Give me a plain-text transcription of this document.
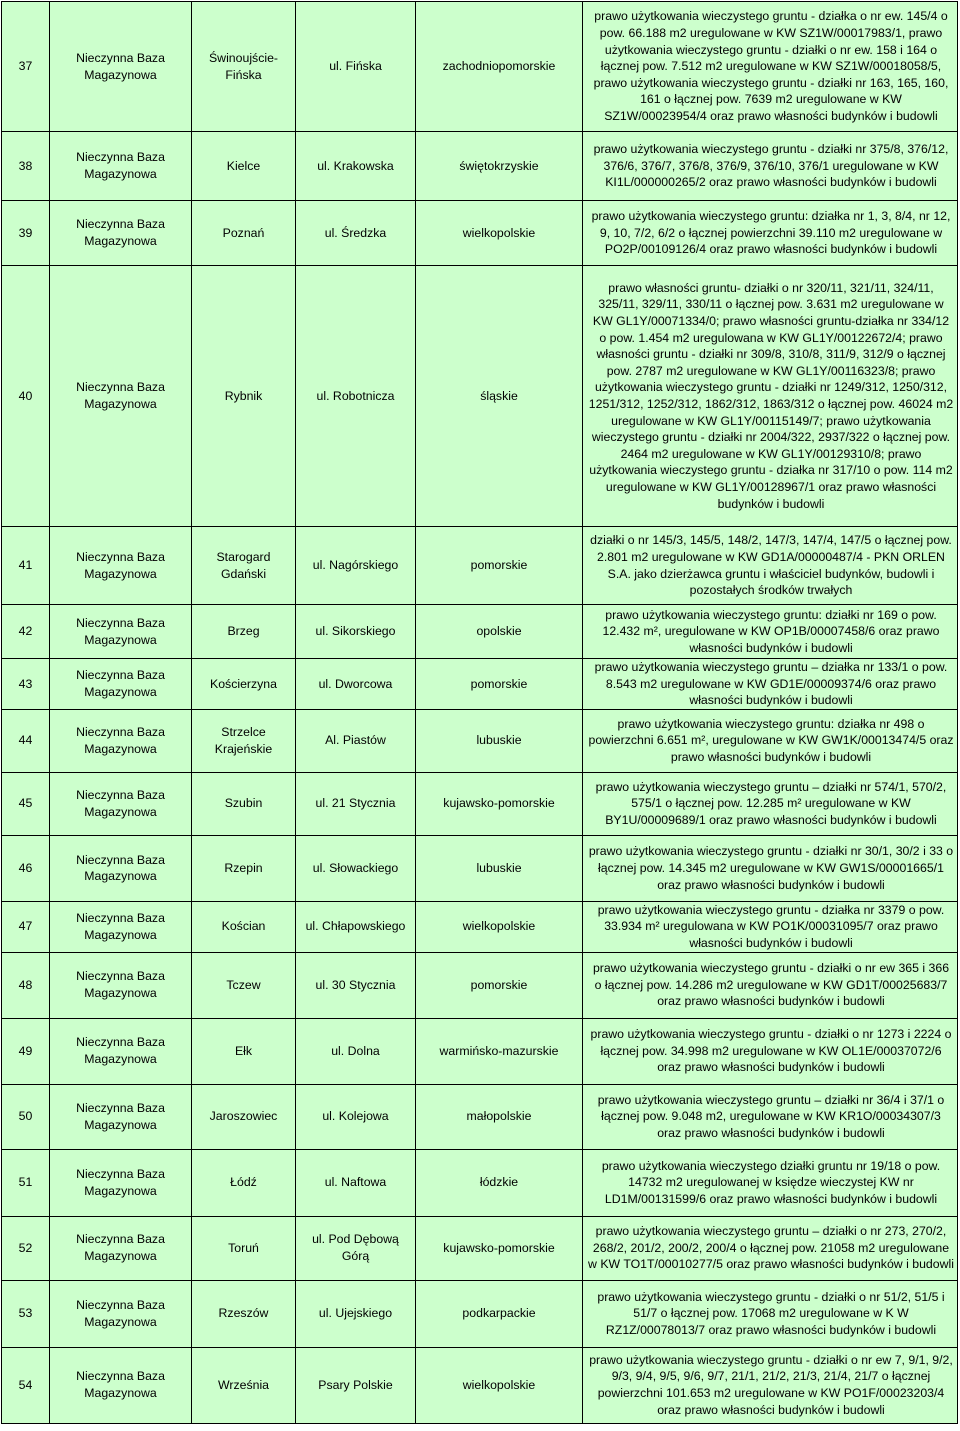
37	Nieczynna Baza
Magazynowa	Świnoujście-Fińska	ul. Fińska	zachodniopomorskie	prawo użytkowania wieczystego gruntu - działka o nr ew. 145/4 o pow. 66.188 m2 uregulowane w KW SZ1W/00017983/1, prawo użytkowania wieczystego gruntu - działki o nr ew. 158 i 164 o łącznej pow. 7.512 m2 uregulowane w KW SZ1W/00018058/5, prawo użytkowania wieczystego gruntu - działki nr 163, 165, 160, 161 o łącznej pow. 7639 m2 uregulowane w KW SZ1W/00023954/4 oraz prawo własności budynków i budowli
38	Nieczynna Baza
Magazynowa	Kielce	ul. Krakowska	świętokrzyskie	prawo użytkowania wieczystego gruntu - działki nr 375/8, 376/12, 376/6, 376/7, 376/8, 376/9, 376/10, 376/1 uregulowane w KW KI1L/000000265/2 oraz prawo własności budynków i budowli
39	Nieczynna Baza
Magazynowa	Poznań	ul. Średzka	wielkopolskie	prawo użytkowania wieczystego gruntu: działka nr 1, 3, 8/4, nr 12, 9, 10, 7/2, 6/2 o łącznej powierzchni 39.110 m2 uregulowane w PO2P/00109126/4 oraz prawo własności budynków i budowli
40	Nieczynna Baza
Magazynowa	Rybnik	ul. Robotnicza	śląskie	prawo własności gruntu- działki o nr 320/11, 321/11, 324/11, 325/11, 329/11, 330/11 o łącznej pow. 3.631 m2 uregulowane w KW GL1Y/00071334/0; prawo własności gruntu-działka nr 334/12 o pow. 1.454 m2 uregulowana w KW GL1Y/00122672/4; prawo własności gruntu - działki nr 309/8, 310/8, 311/9, 312/9 o łącznej pow. 2787 m2 uregulowane w KW GL1Y/00116323/8; prawo użytkowania wieczystego gruntu - działki nr 1249/312, 1250/312, 1251/312, 1252/312, 1862/312, 1863/312 o łącznej pow. 46024 m2 uregulowane w KW GL1Y/00115149/7; prawo użytkowania wieczystego gruntu - działki nr 2004/322, 2937/322 o łącznej pow. 2464 m2 uregulowane w KW GL1Y/00129310/8; prawo użytkowania wieczystego gruntu - działka nr 317/10 o pow. 114 m2 uregulowane w KW GL1Y/00128967/1 oraz prawo własności budynków i budowli
41	Nieczynna Baza
Magazynowa	Starogard Gdański	ul. Nagórskiego	pomorskie	działki o nr 145/3, 145/5, 148/2, 147/3, 147/4, 147/5 o łącznej pow. 2.801 m2 uregulowane w KW GD1A/00000487/4 - PKN ORLEN S.A. jako dzierżawca gruntu i właściciel budynków, budowli i pozostałych środków trwałych
42	Nieczynna Baza
Magazynowa	Brzeg	ul. Sikorskiego	opolskie	prawo użytkowania wieczystego gruntu: działki nr 169 o pow. 12.432 m², uregulowane w KW OP1B/00007458/6 oraz prawo własności budynków i budowli
43	Nieczynna Baza
Magazynowa	Kościerzyna	ul. Dworcowa	pomorskie	prawo użytkowania wieczystego gruntu – działka nr 133/1 o pow. 8.543 m2 uregulowane w KW GD1E/00009374/6 oraz prawo własności budynków i budowli
44	Nieczynna Baza
Magazynowa	Strzelce Krajeńskie	Al. Piastów	lubuskie	prawo użytkowania wieczystego gruntu: działka nr 498 o powierzchni 6.651 m², uregulowane w KW GW1K/00013474/5 oraz prawo własności budynków i budowli
45	Nieczynna Baza
Magazynowa	Szubin	ul. 21 Stycznia	kujawsko-pomorskie	prawo użytkowania wieczystego gruntu – działki nr 574/1, 570/2, 575/1 o łącznej pow. 12.285 m² uregulowane w KW BY1U/00009689/1 oraz prawo własności budynków i budowli
46	Nieczynna Baza
Magazynowa	Rzepin	ul. Słowackiego	lubuskie	prawo użytkowania wieczystego gruntu - działki nr 30/1, 30/2 i 33 o łącznej pow. 14.345 m2 uregulowane w KW GW1S/00001665/1 oraz prawo własności budynków i budowli
47	Nieczynna Baza
Magazynowa	Kościan	ul. Chłapowskiego	wielkopolskie	prawo użytkowania wieczystego gruntu - działka nr 3379 o pow. 33.934 m² uregulowana w KW PO1K/00031095/7 oraz prawo własności budynków i budowli
48	Nieczynna Baza
Magazynowa	Tczew	ul. 30 Stycznia	pomorskie	prawo użytkowania wieczystego gruntu - działki o nr ew 365 i 366 o łącznej pow. 14.286 m2 uregulowane w KW GD1T/00025683/7 oraz prawo własności budynków i budowli
49	Nieczynna Baza
Magazynowa	Ełk	ul. Dolna	warmińsko-mazurskie	prawo użytkowania wieczystego gruntu - działki o nr 1273 i 2224 o łącznej pow. 34.998 m2 uregulowane w KW OL1E/00037072/6 oraz prawo własności budynków i budowli
50	Nieczynna Baza
Magazynowa	Jaroszowiec	ul. Kolejowa	małopolskie	prawo użytkowania wieczystego gruntu – działki nr 36/4 i 37/1 o łącznej pow. 9.048 m2, uregulowane w KW KR1O/00034307/3 oraz prawo własności budynków i budowli
51	Nieczynna Baza
Magazynowa	Łódź	ul. Naftowa	łódzkie	prawo użytkowania wieczystego działki gruntu nr 19/18 o pow. 14732 m2 uregulowanej w księdze wieczystej KW nr LD1M/00131599/6 oraz prawo własności budynków i budowli
52	Nieczynna Baza
Magazynowa	Toruń	ul. Pod Dębową Górą	kujawsko-pomorskie	prawo użytkowania wieczystego gruntu – działki o nr 273, 270/2, 268/2, 201/2, 200/2, 200/4 o łącznej pow. 21058 m2 uregulowane w KW TO1T/00010277/5 oraz prawo własności budynków i budowli
53	Nieczynna Baza
Magazynowa	Rzeszów	ul. Ujejskiego	podkarpackie	prawo użytkowania wieczystego gruntu - działki o nr 51/2, 51/5 i 51/7 o łącznej pow. 17068 m2 uregulowane w K W RZ1Z/00078013/7 oraz prawo własności budynków i budowli
54	Nieczynna Baza
Magazynowa	Września	Psary Polskie	wielkopolskie	prawo użytkowania wieczystego gruntu - działki o nr ew 7, 9/1, 9/2, 9/3, 9/4, 9/5, 9/6, 9/7, 21/1, 21/2, 21/3, 21/4, 21/7 o łącznej powierzchni 101.653 m2 uregulowane w KW PO1F/00023203/4 oraz prawo własności budynków i budowli
